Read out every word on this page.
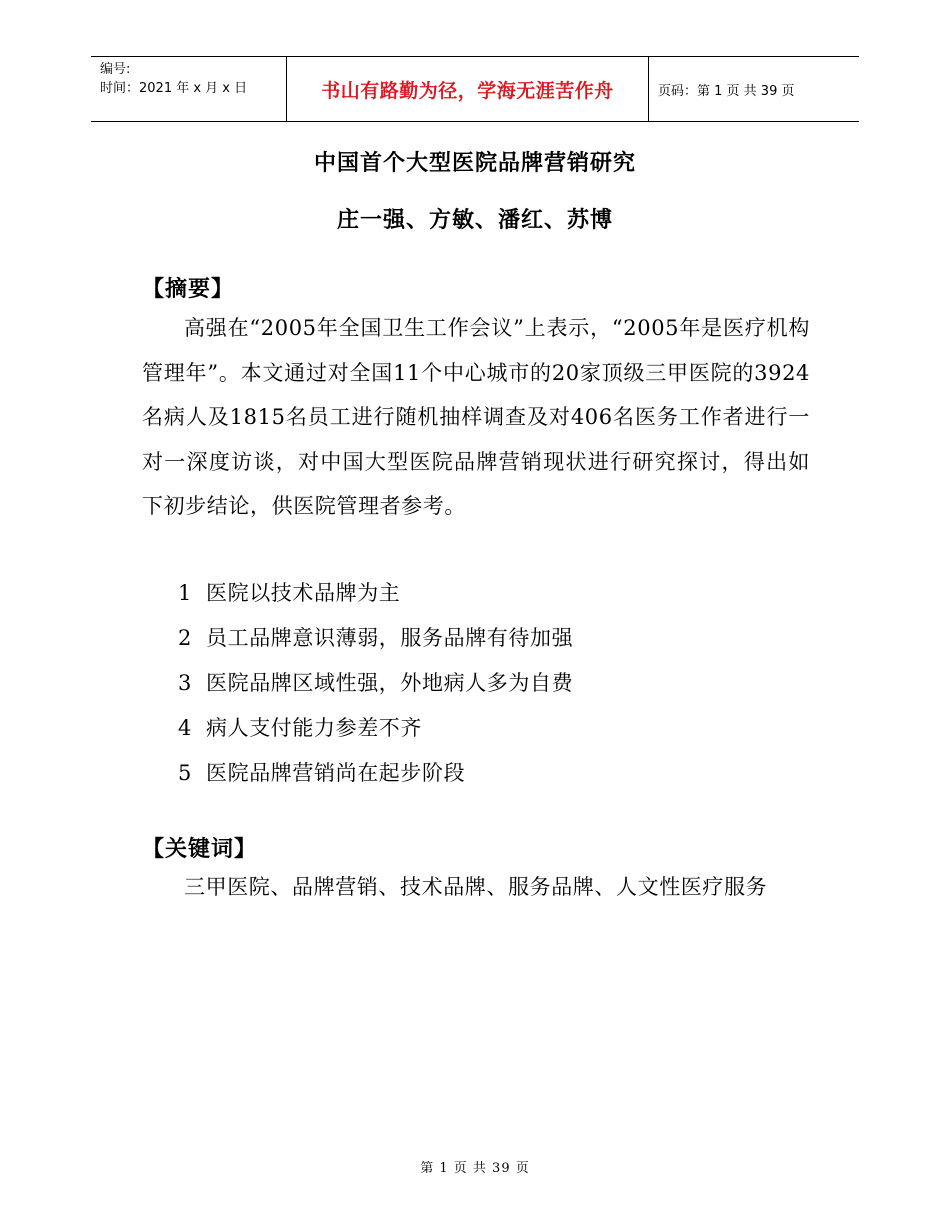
编号:
时间：2021 年 x 月 x 日	书山有路勤为径，学海无涯苦作舟	页码：第 1 页 共 39 页
中国首个大型医院品牌营销研究
庄一强、方敏、潘红、苏博
【摘要】
高强在“2005年全国卫生工作会议”上表示，“2005年是医疗机构管理年”。本文通过对全国11个中心城市的20家顶级三甲医院的3924名病人及1815名员工进行随机抽样调查及对406名医务工作者进行一对一深度访谈，对中国大型医院品牌营销现状进行研究探讨，得出如下初步结论，供医院管理者参考。
1 医院以技术品牌为主
2 员工品牌意识薄弱，服务品牌有待加强
3 医院品牌区域性强，外地病人多为自费
4 病人支付能力参差不齐
5 医院品牌营销尚在起步阶段
【关键词】
三甲医院、品牌营销、技术品牌、服务品牌、人文性医疗服务
第 1 页 共 39 页
